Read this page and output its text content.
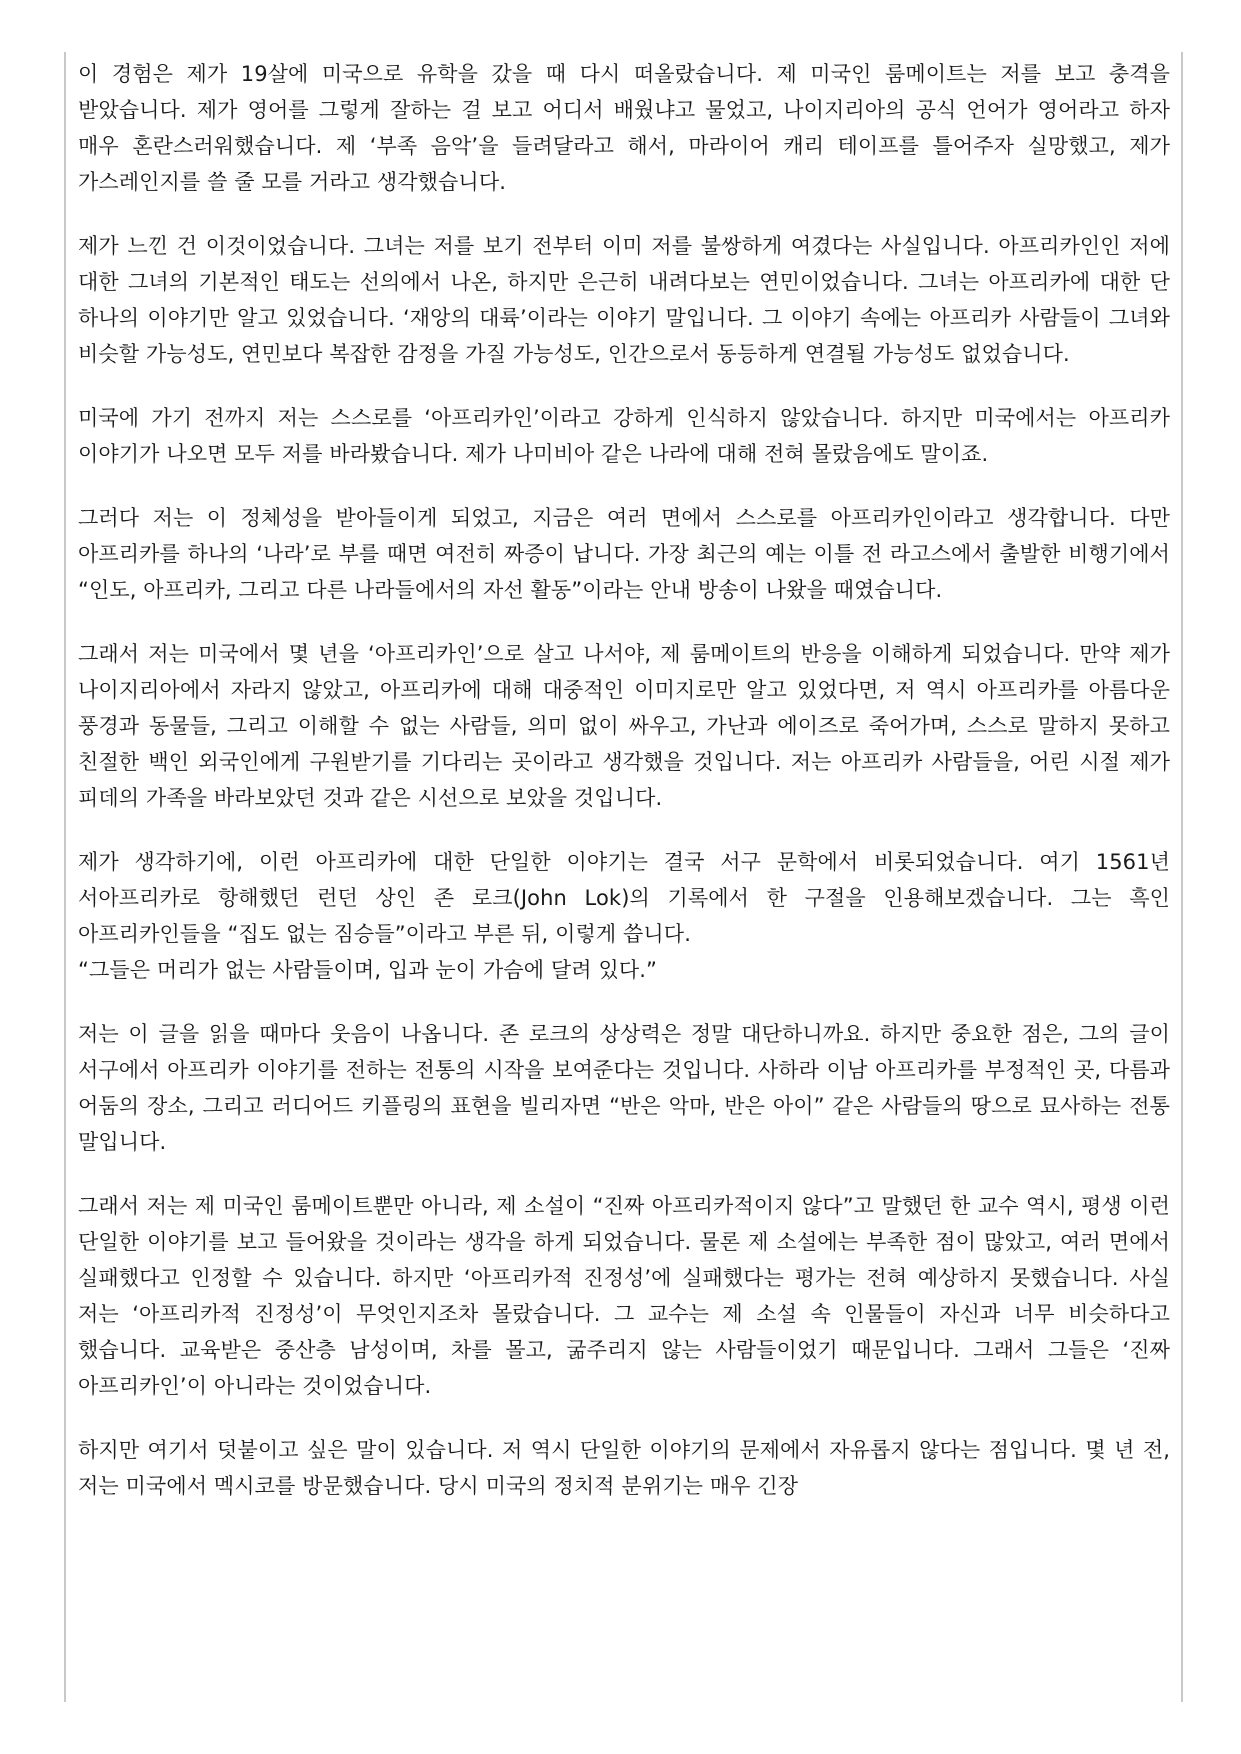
이 경험은 제가 19살에 미국으로 유학을 갔을 때 다시 떠올랐습니다. 제 미국인 룸메이트는 저를 보고 충격을 받았습니다. 제가 영어를 그렇게 잘하는 걸 보고 어디서 배웠냐고 물었고, 나이지리아의 공식 언어가 영어라고 하자 매우 혼란스러워했습니다. 제 ‘부족 음악’을 들려달라고 해서, 마라이어 캐리 테이프를 틀어주자 실망했고, 제가 가스레인지를 쓸 줄 모를 거라고 생각했습니다.

제가 느낀 건 이것이었습니다. 그녀는 저를 보기 전부터 이미 저를 불쌍하게 여겼다는 사실입니다. 아프리카인인 저에 대한 그녀의 기본적인 태도는 선의에서 나온, 하지만 은근히 내려다보는 연민이었습니다. 그녀는 아프리카에 대한 단 하나의 이야기만 알고 있었습니다. ‘재앙의 대륙’이라는 이야기 말입니다. 그 이야기 속에는 아프리카 사람들이 그녀와 비슷할 가능성도, 연민보다 복잡한 감정을 가질 가능성도, 인간으로서 동등하게 연결될 가능성도 없었습니다.

미국에 가기 전까지 저는 스스로를 ‘아프리카인’이라고 강하게 인식하지 않았습니다. 하지만 미국에서는 아프리카 이야기가 나오면 모두 저를 바라봤습니다. 제가 나미비아 같은 나라에 대해 전혀 몰랐음에도 말이죠.

그러다 저는 이 정체성을 받아들이게 되었고, 지금은 여러 면에서 스스로를 아프리카인이라고 생각합니다. 다만 아프리카를 하나의 ‘나라’로 부를 때면 여전히 짜증이 납니다. 가장 최근의 예는 이틀 전 라고스에서 출발한 비행기에서 “인도, 아프리카, 그리고 다른 나라들에서의 자선 활동”이라는 안내 방송이 나왔을 때였습니다.

그래서 저는 미국에서 몇 년을 ‘아프리카인’으로 살고 나서야, 제 룸메이트의 반응을 이해하게 되었습니다. 만약 제가 나이지리아에서 자라지 않았고, 아프리카에 대해 대중적인 이미지로만 알고 있었다면, 저 역시 아프리카를 아름다운 풍경과 동물들, 그리고 이해할 수 없는 사람들, 의미 없이 싸우고, 가난과 에이즈로 죽어가며, 스스로 말하지 못하고 친절한 백인 외국인에게 구원받기를 기다리는 곳이라고 생각했을 것입니다. 저는 아프리카 사람들을, 어린 시절 제가 피데의 가족을 바라보았던 것과 같은 시선으로 보았을 것입니다.

제가 생각하기에, 이런 아프리카에 대한 단일한 이야기는 결국 서구 문학에서 비롯되었습니다. 여기 1561년 서아프리카로 항해했던 런던 상인 존 로크(John Lok)의 기록에서 한 구절을 인용해보겠습니다. 그는 흑인 아프리카인들을 “집도 없는 짐승들”이라고 부른 뒤, 이렇게 씁니다.
“그들은 머리가 없는 사람들이며, 입과 눈이 가슴에 달려 있다.”

저는 이 글을 읽을 때마다 웃음이 나옵니다. 존 로크의 상상력은 정말 대단하니까요. 하지만 중요한 점은, 그의 글이 서구에서 아프리카 이야기를 전하는 전통의 시작을 보여준다는 것입니다. 사하라 이남 아프리카를 부정적인 곳, 다름과 어둠의 장소, 그리고 러디어드 키플링의 표현을 빌리자면 “반은 악마, 반은 아이” 같은 사람들의 땅으로 묘사하는 전통 말입니다.

그래서 저는 제 미국인 룸메이트뿐만 아니라, 제 소설이 “진짜 아프리카적이지 않다”고 말했던 한 교수 역시, 평생 이런 단일한 이야기를 보고 들어왔을 것이라는 생각을 하게 되었습니다. 물론 제 소설에는 부족한 점이 많았고, 여러 면에서 실패했다고 인정할 수 있습니다. 하지만 ‘아프리카적 진정성’에 실패했다는 평가는 전혀 예상하지 못했습니다. 사실 저는 ‘아프리카적 진정성’이 무엇인지조차 몰랐습니다. 그 교수는 제 소설 속 인물들이 자신과 너무 비슷하다고 했습니다. 교육받은 중산층 남성이며, 차를 몰고, 굶주리지 않는 사람들이었기 때문입니다. 그래서 그들은 ‘진짜 아프리카인’이 아니라는 것이었습니다.

하지만 여기서 덧붙이고 싶은 말이 있습니다. 저 역시 단일한 이야기의 문제에서 자유롭지 않다는 점입니다. 몇 년 전, 저는 미국에서 멕시코를 방문했습니다. 당시 미국의 정치적 분위기는 매우 긴장
